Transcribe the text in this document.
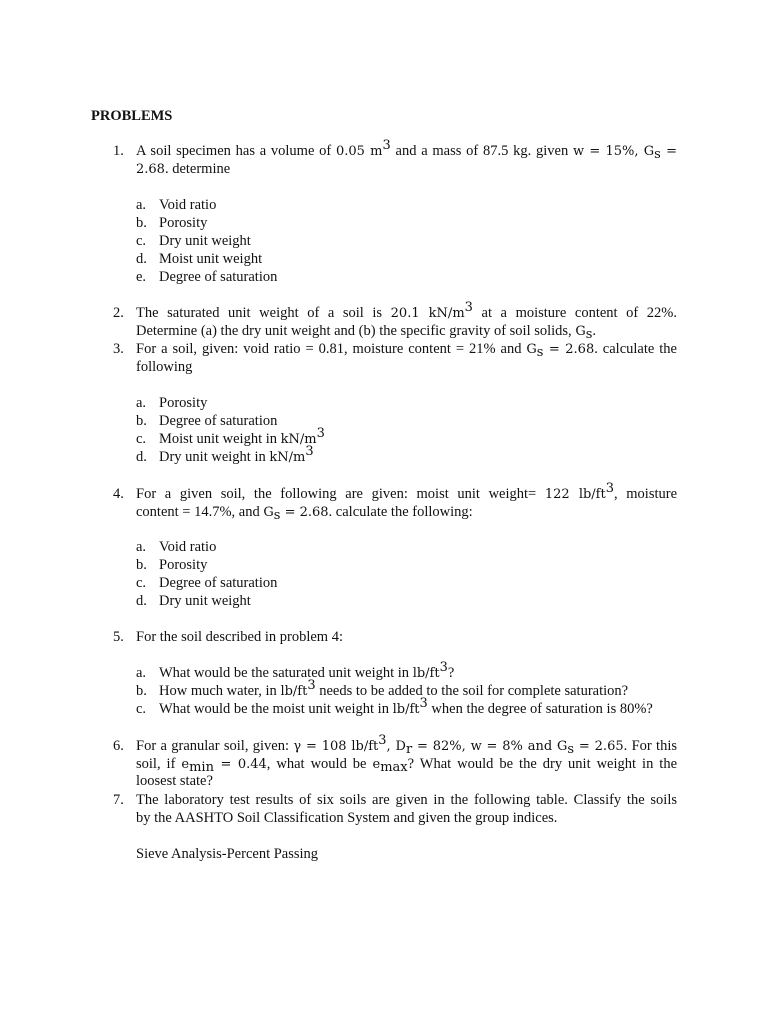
PROBLEMS
1. A soil specimen has a volume of 0.05 $m^3$ and a mass of 87.5 kg. given w = 15%, $G_s$ =
2.68. determine
a. Void ratio
b. Porosity
c. Dry unit weight
d. Moist unit weight
e. Degree of saturation
2. The saturated unit weight of a soil is 20.1 $kN/m^3$ at a moisture content of 22%.
Determine (a) the dry unit weight and (b) the specific gravity of soil solids, $G_s$.
3. For a soil, given: void ratio = 0.81, moisture content = 21% and $G_s = 2.68$. calculate the
following
a. Porosity
b. Degree of saturation
c. Moist unit weight in $kN/m^3$
d. Dry unit weight in $kN/m^3$
4. For a given soil, the following are given: moist unit weight= 122 $lb/ft^3$, moisture
content = 14.7%, and $G_s = 2.68$. calculate the following:
a. Void ratio
b. Porosity
c. Degree of saturation
d. Dry unit weight
5. For the soil described in problem 4:
a. What would be the saturated unit weight in $lb/ft^3$?
b. How much water, in $lb/ft^3$ needs to be added to the soil for complete saturation?
c. What would be the moist unit weight in $lb/ft^3$ when the degree of saturation is 80%?
6. For a granular soil, given: γ = 108 $lb/ft^3$, $D_r = 82\%$, w = 8% and $G_s = 2.65$. For this
soil, if $e_{min} = 0.44$, what would be $e_{max}$? What would be the dry unit weight in the
loosest state?
7. The laboratory test results of six soils are given in the following table. Classify the soils
by the AASHTO Soil Classification System and given the group indices.
Sieve Analysis-Percent Passing
